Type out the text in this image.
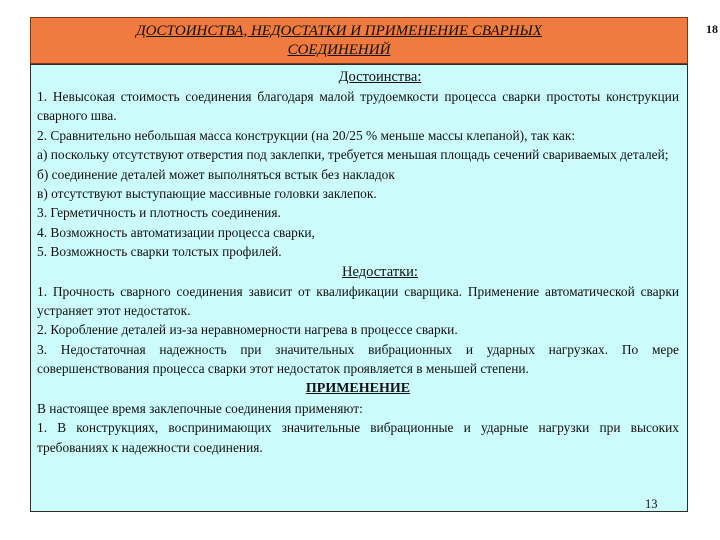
18
ДОСТОИНСТВА, НЕДОСТАТКИ И ПРИМЕНЕНИЕ СВАРНЫХ
СОЕДИНЕНИЙ

Достоинства:

1. Невысокая стоимость соединения благодаря малой трудоемкости процесса сварки простоты конструкции сварного шва.

2. Сравнительно небольшая масса конструкции (на 20/25 % меньше массы клепаной), так как:

а) поскольку отсутствуют отверстия под заклепки, требуется меньшая площадь сечений свариваемых деталей;

б) соединение деталей может выполняться встык без накладок

в) отсутствуют выступающие массивные головки заклепок.

3. Герметичность и плотность соединения.

4. Возможность автоматизации процесса сварки,

5. Возможность сварки толстых профилей.

Недостатки:

1. Прочность сварного соединения зависит от квалификации сварщика. Применение автоматической сварки устраняет этот недостаток.

2. Коробление деталей из-за неравномерности нагрева в процессе сварки.

3. Недостаточная надежность при значительных вибрационных и ударных нагрузках. По мере совершенствования процесса сварки этот недостаток проявляется в меньшей степени.

ПРИМЕНЕНИЕ

В настоящее время заклепочные соединения применяют:

1. В конструкциях, воспринимающих значительные вибрационные и ударные нагрузки при высоких требованиях к надежности соединения.

13
